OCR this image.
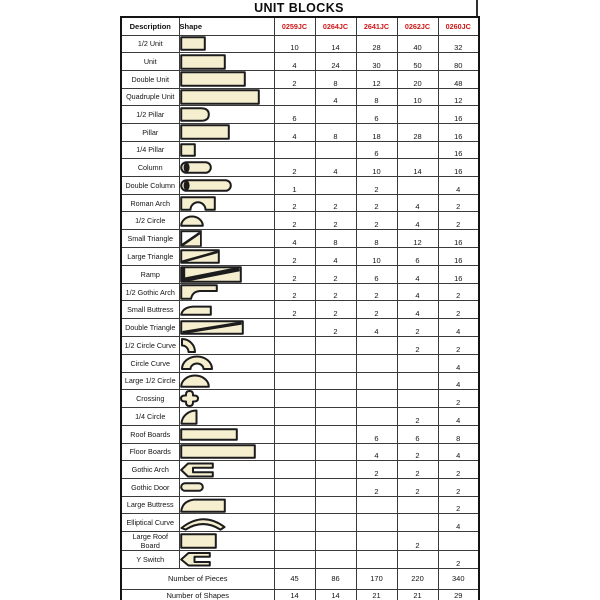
UNIT BLOCKS
Description	Shape	0259JC	0264JC	2641JC	0262JC	0260JC
1/2 Unit		10	14	28	40	32
Unit		4	24	30	50	80
Double Unit		2	8	12	20	48
Quadruple Unit			4	8	10	12
1/2 Pillar		6		6		16
Pillar		4	8	18	28	16
1/4 Pillar				6		16
Column		2	4	10	14	16
Double Column		1		2		4
Roman Arch		2	2	2	4	2
1/2 Circle		2	2	2	4	2
Small Triangle		4	8	8	12	16
Large Triangle		2	4	10	6	16
Ramp		2	2	6	4	16
1/2 Gothic Arch		2	2	2	4	2
Small Buttress		2	2	2	4	2
Double Triangle			2	4	2	4
1/2 Circle Curve					2	2
Circle Curve						4
Large 1/2 Circle						4
Crossing						2
1/4 Circle					2	4
Roof Boards				6	6	8
Floor Boards				4	2	4
Gothic Arch				2	2	2
Gothic Door				2	2	2
Large Buttress						2
Elliptical Curve						4
Large Roof Board					2	
Y Switch						2
Number of Pieces		45	86	170	220	340
Number of Shapes		14	14	21	21	29
